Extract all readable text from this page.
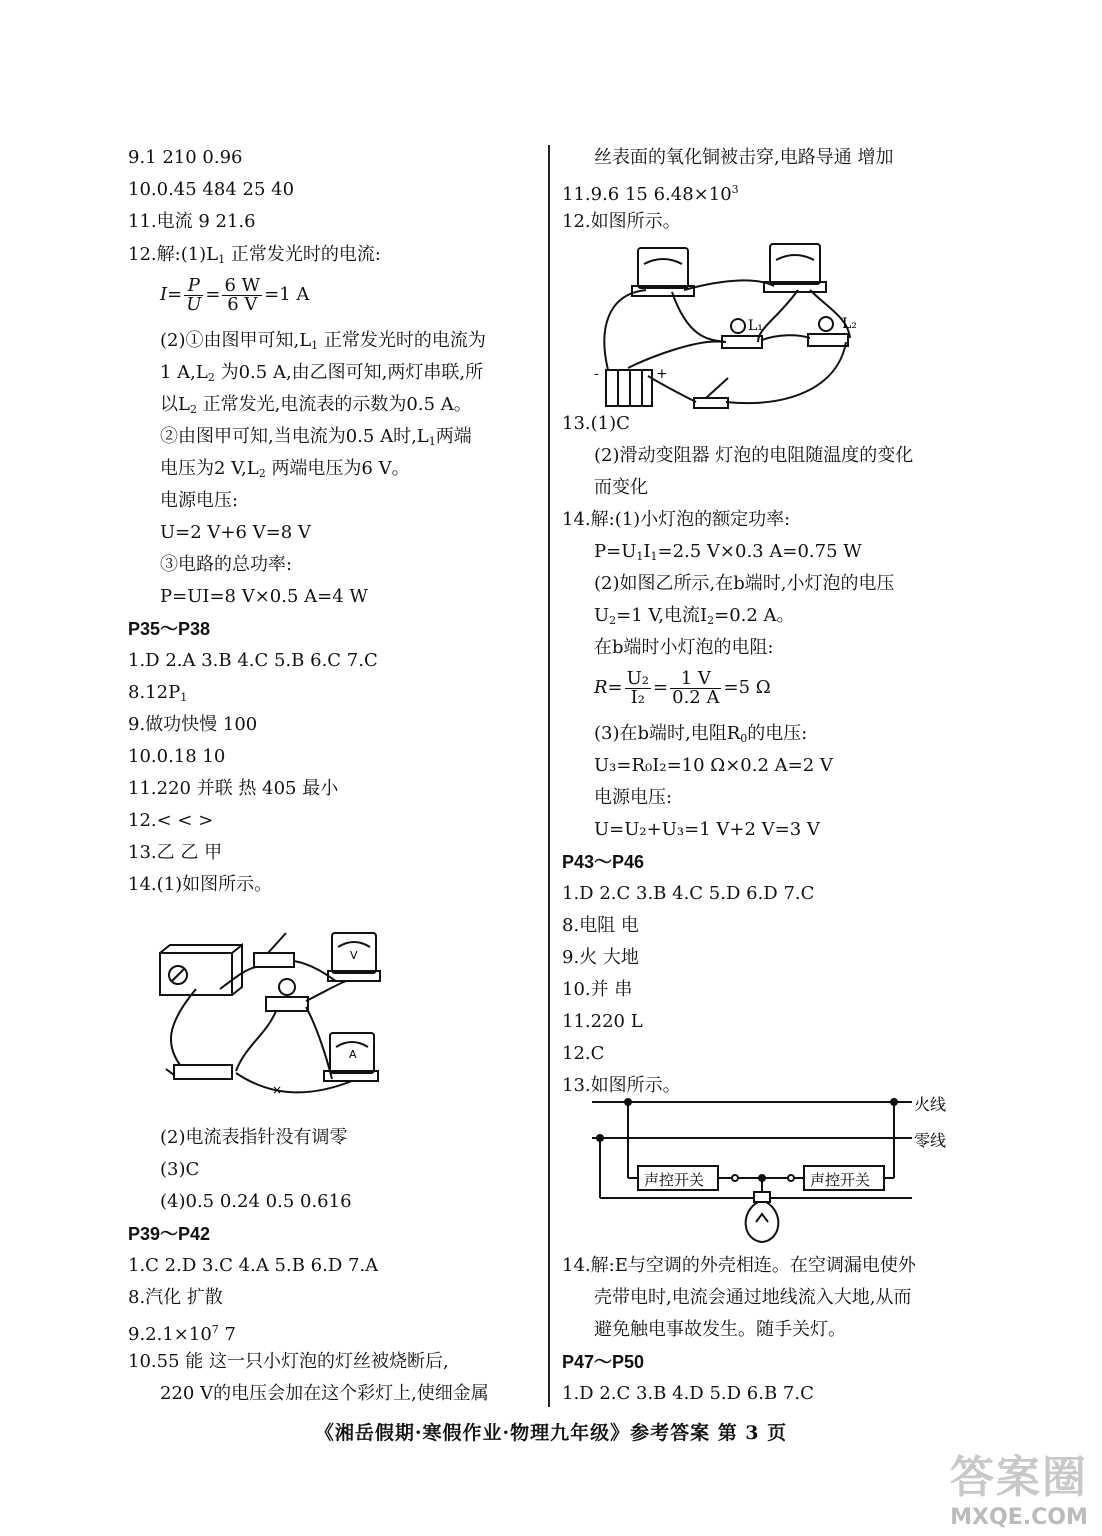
9.1 210 0.96
10.0.45 484 25 40
11.电流 9 21.6
12.解$:(1)L_1$ 正常发光时的电流:
$I= \frac{P}{U} = \frac{6 W}{6 V} =1$ A
(2)①由图甲可知$,L_1$ 正常发光时的电流为
1 $A,L_2$ 为0.5 A,由乙图可知,两灯串联,所
以$L_2$ 正常发光,电流表的示数为0.5 A。
②由图甲可知,当电流为0.5 A时$,L_1$两端
电压为2 $V,L_2$ 两端电压为6 V。
电源电压:
U=2 V+6 V=8 V
③电路的总功率:
P=UI=8 V×0.5 A=4 W
P35～P38
1.D 2.A 3.B 4.C 5.B 6.C 7.C
$8.12P_1$
9.做功快慢 100
10.0.18 10
11.220 并联 热 405 最小
12.< < >
13.乙 乙 甲
14.(1)如图所示。
V
A
×
(2)电流表指针没有调零
(3)C
(4)0.5 0.24 0.5 0.616
P39～P42
1.C 2.D 3.C 4.A 5.B 6.D 7.A
8.汽化 扩散
$9.2.1\times 10^7$ 7
10.55 能 这一只小灯泡的灯丝被烧断后,
220 V的电压会加在这个彩灯上,使细金属
丝表面的氧化铜被击穿,电路导通 增加
11.9.6 15 $6.48\times 10^3$
12.如图所示。
L₁	L₂
-	+
13.(1)C
(2)滑动变阻器 灯泡的电阻随温度的变化
而变化
14.解:(1)小灯泡的额定功率:
$P=U_1I_1=2.5$ V×0.3 A=0.75 W
(2)如图乙所示,在b端时,小灯泡的电压
$U_2=1$ V,电流$I_2=0.2$ A。
在b端时小灯泡的电阻:
$R= \frac{\text{U₂}}{\text{I₂}} = \frac{1 V}{0.2 A} =5$ Ω
(3)在b端时,电阻$R_0$的电压:
U₃=R₀I₂=10 Ω×0.2 A=2 V
电源电压:
U=U₂+U₃=1 V+2 V=3 V
P43～P46
1.D 2.C 3.B 4.C 5.D 6.D 7.C
8.电阻 电
9.火 大地
10.并 串
11.220 L
12.C
13.如图所示。
火线
零线
声控开关	声控开关
14.解:E与空调的外壳相连。在空调漏电使外
壳带电时,电流会通过地线流入大地,从而
避免触电事故发生。随手关灯。
P47～P50
1.D 2.C 3.B 4.D 5.D 6.B 7.C
《湘岳假期·寒假作业·物理九年级》参考答案 第 3 页
答案圈
MXQE.COM
